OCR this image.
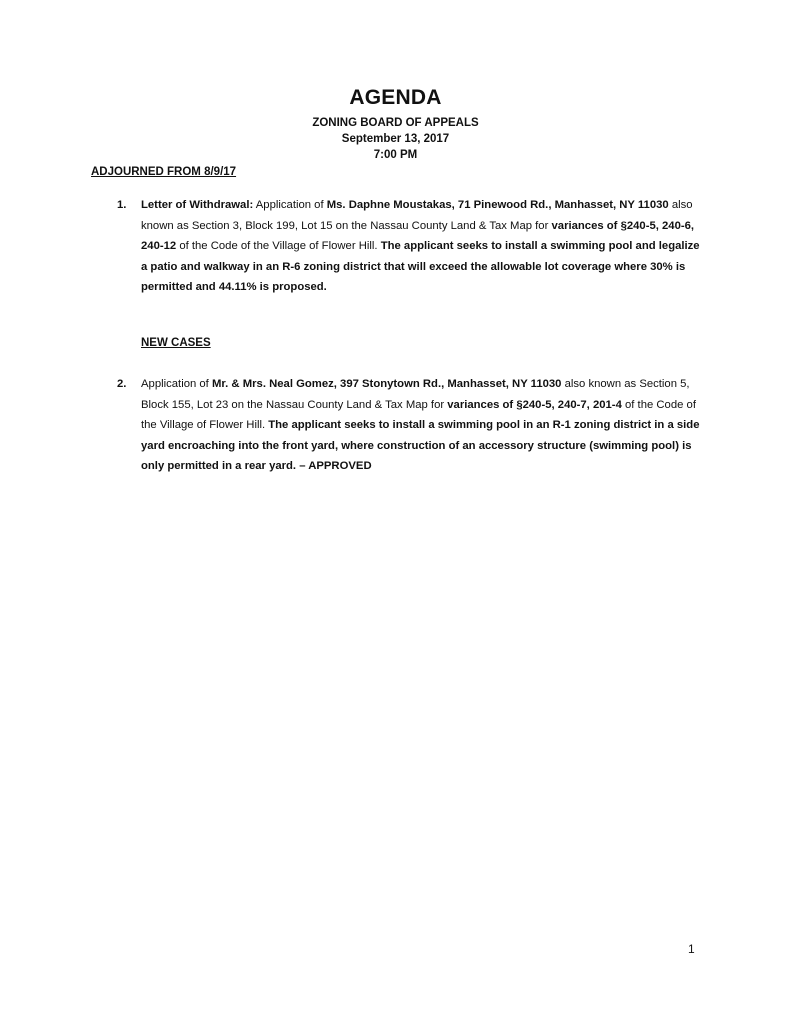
AGENDA
ZONING BOARD OF APPEALS
September 13, 2017
7:00 PM
ADJOURNED FROM 8/9/17
1. Letter of Withdrawal: Application of Ms. Daphne Moustakas, 71 Pinewood Rd., Manhasset, NY 11030 also known as Section 3, Block 199, Lot 15 on the Nassau County Land & Tax Map for variances of §240-5, 240-6, 240-12 of the Code of the Village of Flower Hill. The applicant seeks to install a swimming pool and legalize a patio and walkway in an R-6 zoning district that will exceed the allowable lot coverage where 30% is permitted and 44.11% is proposed.
NEW CASES
2. Application of Mr. & Mrs. Neal Gomez, 397 Stonytown Rd., Manhasset, NY 11030 also known as Section 5, Block 155, Lot 23 on the Nassau County Land & Tax Map for variances of §240-5, 240-7, 201-4 of the Code of the Village of Flower Hill. The applicant seeks to install a swimming pool in an R-1 zoning district in a side yard encroaching into the front yard, where construction of an accessory structure (swimming pool) is only permitted in a rear yard. – APPROVED
1
